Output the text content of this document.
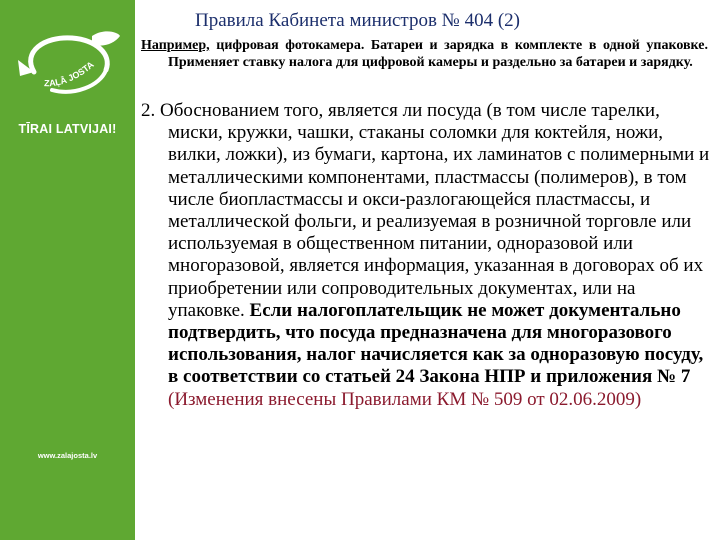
ZAĻĀ JOSTA
TĪRAI LATVIJAI!
www.zalajosta.lv
Правила Кабинета министров № 404 (2)

Например, цифровая фотокамера. Батареи и зарядка в комплекте в одной упаковке. Применяет ставку налога для цифровой камеры и раздельно за батареи и зарядку.

2. Обоснованием того, является ли посуда (в том числе тарелки, миски, кружки, чашки, стаканы соломки для коктейля, ножи, вилки, ложки), из бумаги, картона, их ламинатов с полимерными и металлическими компонентами, пластмассы (полимеров), в том числе биопластмассы и окси-разлогающейся пластмассы, и металлической фольги, и реализуемая в розничной торговле или используемая в общественном питании, одноразовой или многоразовой, является информация, указанная в договорах об их приобретении или сопроводительных документах, или на упаковке. Если налогоплательщик не может документально подтвердить, что посуда предназначена для многоразового использования, налог начисляется как за одноразовую посуду, в соответствии со статьей 24 Закона НПР и приложения № 7 (Изменения внесены Правилами КМ № 509 от 02.06.2009)
